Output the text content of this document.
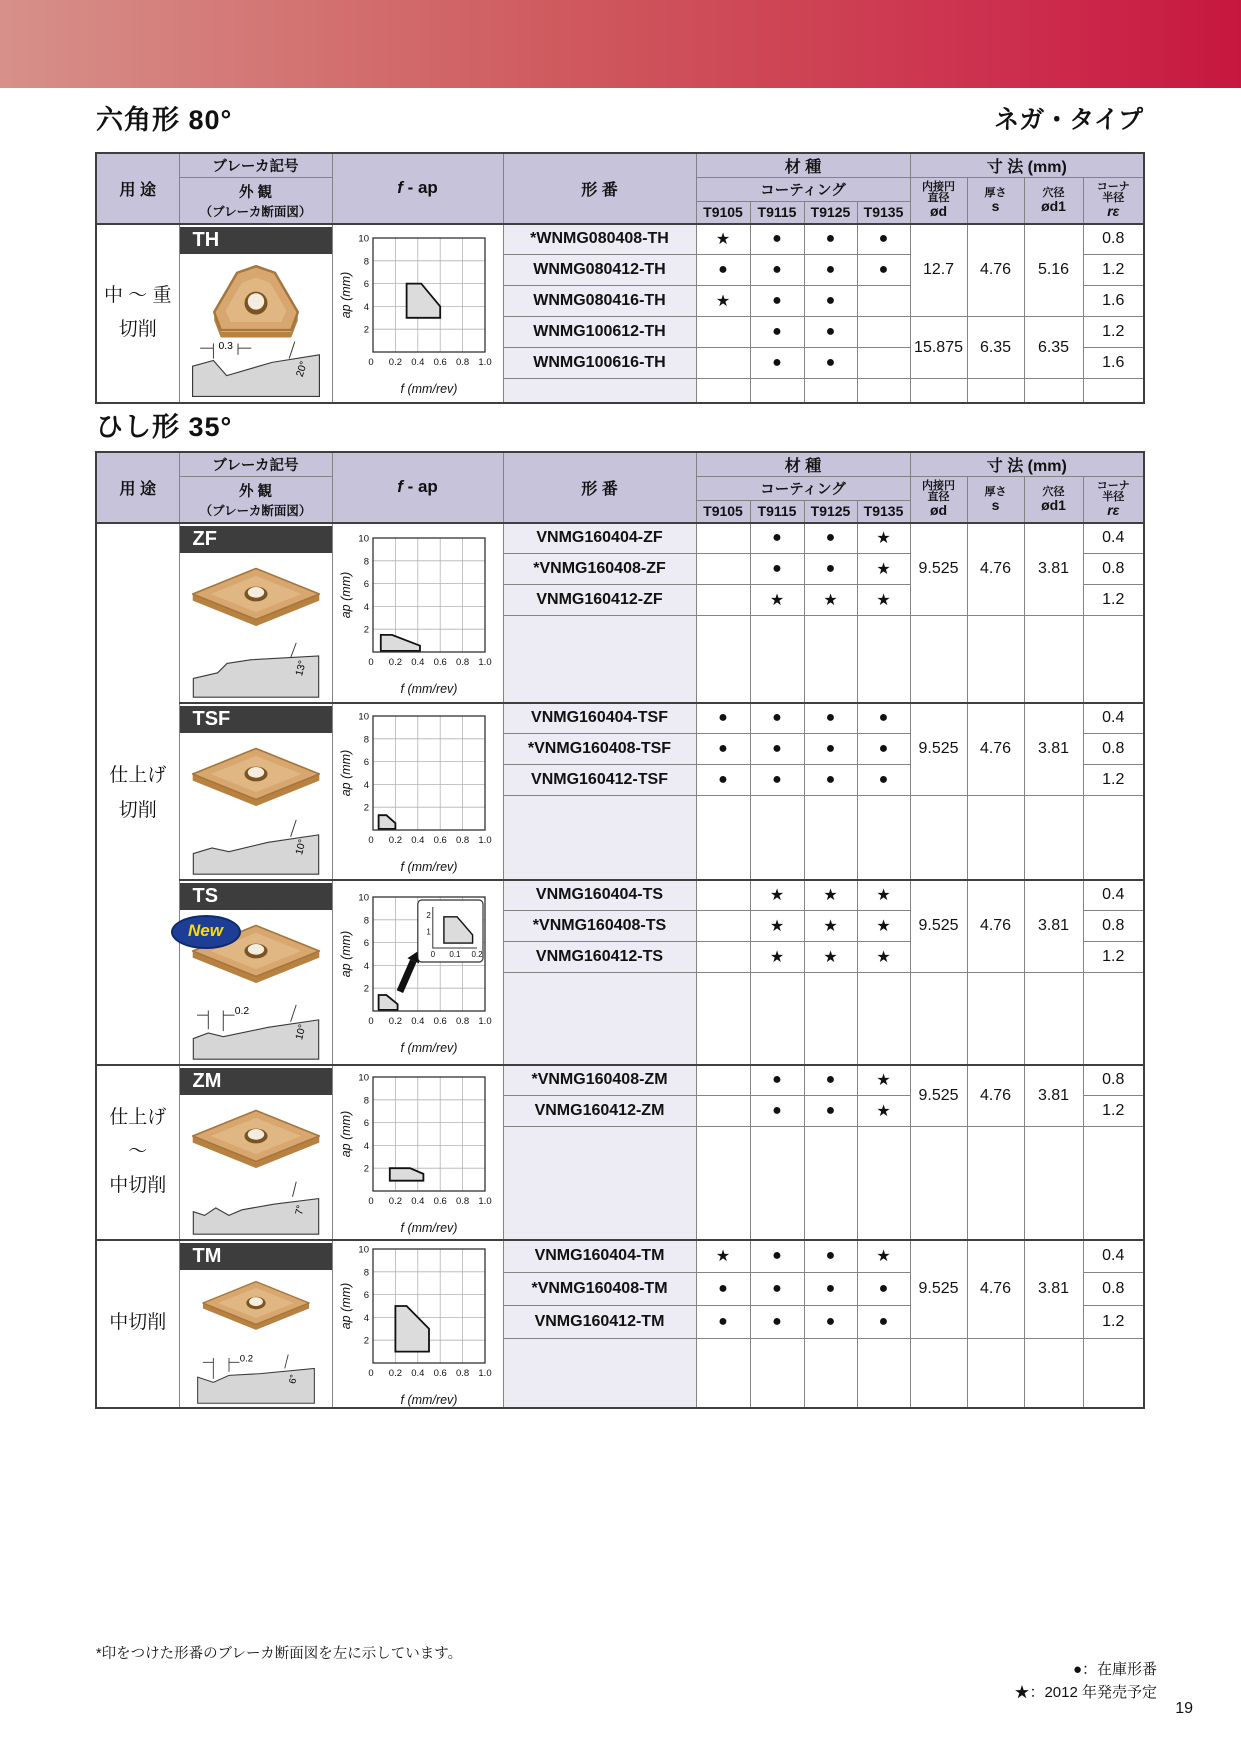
六角形 80°	ネガ・タイプ
用 途	ブレーカ記号	f - ap	形 番	材 種				寸 法 (mm)			

外 観
（ブレーカ断面図）
	コーティング	内接円
直径
ød

厚さ
s

穴径
ød1

コーナ
半径
rε

				T9105	T9115	T9125	T9135				

中 〜 重
切削

TH
0.3
20°	0 0.2 0.4 0.6 0.8 1.0
2
4
6
8
10
f (mm/rev)
ap (mm)
	*WNMG080408-TH	★	●	●	●	12.7	4.76	5.16	0.8
			WNMG080412-TH	●	●	●	●				1.2
			WNMG080416-TH	★	●	●					1.6
			WNMG100612-TH		●	●		15.875	6.35	6.35	1.2
			WNMG100616-TH		●	●					1.6

ひし形 35°
用 途	ブレーカ記号	f - ap	形 番	材 種				寸 法 (mm)			

外 観
（ブレーカ断面図）
	コーティング	内接円
直径
ød

厚さ
s

穴径
ød1

コーナ
半径
rε

				T9105	T9115	T9125	T9135				

仕上げ
切削

ZF
13°	0 0.2 0.4 0.6 0.8 1.0
2
4
6
8
10
f (mm/rev)
ap (mm)
	VNMG160404-ZF		●	●	★	9.525	4.76	3.81	0.4
			*VNMG160408-ZF		●	●	★				0.8
			VNMG160412-ZF		★	★	★				1.2

TSF
10°	0 0.2 0.4 0.6 0.8 1.0
2
4
6
8
10
f (mm/rev)
ap (mm)
	VNMG160404-TSF	●	●	●	●	9.525	4.76	3.81	0.4
			*VNMG160408-TSF	●	●	●	●				0.8
			VNMG160412-TSF	●	●	●	●				1.2

TS
New
0.2
10°

0 0.2 0.4 0.6 0.8 1.0
2
4
6
8
10
f (mm/rev)
ap (mm)	1
2
0 0.1 0.2
	VNMG160404-TS		★	★	★	9.525	4.76	3.81	0.4
			*VNMG160408-TS		★	★	★				0.8
			VNMG160412-TS		★	★	★				1.2

仕上げ
〜
中切削

ZM
7°

0 0.2 0.4 0.6 0.8 1.0
2
4
6
8
10
f (mm/rev)
ap (mm)
	*VNMG160408-ZM		●	●	★	9.525	4.76	3.81	0.8
			VNMG160412-ZM		●	●	★				1.2

中切削

TM
0.2
6°

0 0.2 0.4 0.6 0.8 1.0
2
4
6
8
10
f (mm/rev)
ap (mm)
	VNMG160404-TM	★	●	●	★	9.525	4.76	3.81	0.4
			*VNMG160408-TM	●	●	●	●				0.8
			VNMG160412-TM	●	●	●	●				1.2

*印をつけた形番のブレーカ断面図を左に示しています。
●：在庫形番
★：2012 年発売予定
19
